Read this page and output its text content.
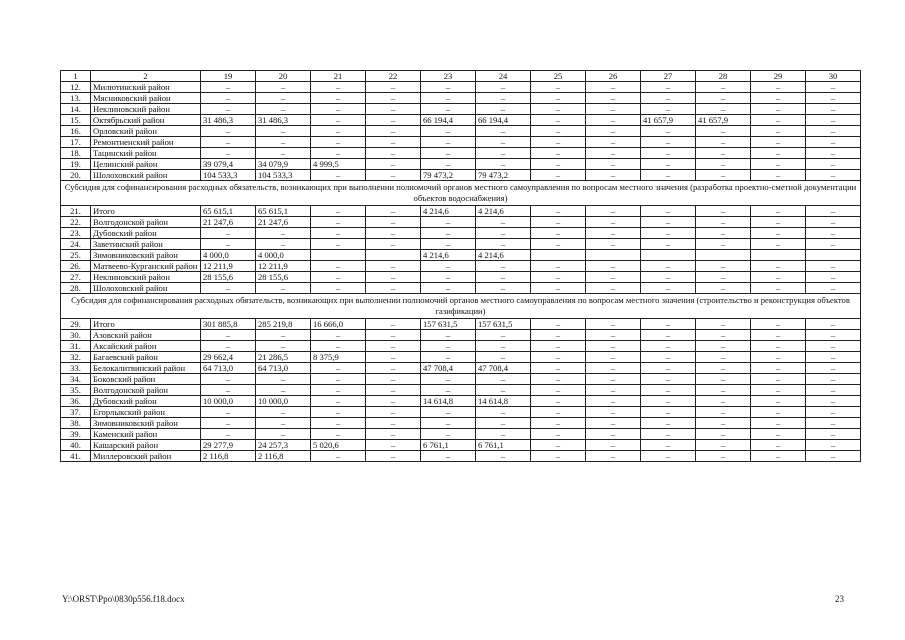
1	2	19	20	21	22	23	24	25	26	27	28	29	30
12.	Милютинский район	–	–	–	–	–	–	–	–	–	–	–	–
13.	Мясниковский район	–	–	–	–	–	–	–	–	–	–	–	–
14.	Неклиновский район	–	–	–	–	–	–	–	–	–	–	–	–
15.	Октябрьский район	31 486,3	31 486,3	–	–	66 194,4	66 194,4	–	–	41 657,9	41 657,9	–	–
16.	Орловский район	–	–	–	–	–	–	–	–	–	–	–	–
17.	Ремонтненский район	–	–	–	–	–	–	–	–	–	–	–	–
18.	Тацинский район	–	–	–	–	–	–	–	–	–	–	–	–
19.	Целинский район	39 079,4	34 079,9	4 999,5	–	–	–	–	–	–	–	–	–
20.	Шолоховский район	104 533,3	104 533,3	–	–	79 473,2	79 473,2	–	–	–	–	–	–
Субсидия для софинансирования расходных обязательств, возникающих при выполнении полномочий органов местного самоуправления по вопросам местного значения (разработка проектно-сметной документации объектов водоснабжения)													
21.	Итого	65 615,1	65 615,1	–	–	4 214,6	4 214,6	–	–	–	–	–	–
22.	Волгодонской район	21 247,6	21 247,6	–	–	–	–	–	–	–	–	–	–
23.	Дубовский район	–	–	–	–	–	–	–	–	–	–	–	–
24.	Заветинский район	–	–	–	–	–	–	–	–	–	–	–	–
25.	Зимовниковский район	4 000,0	4 000,0			4 214,6	4 214,6						
26.	Матвеево-Курганский район	12 211,9	12 211,9	–	–	–	–	–	–	–	–	–	–
27.	Неклиновский район	28 155,6	28 155,6	–	–	–	–	–	–	–	–	–	–
28.	Шолоховский район	–	–	–	–	–	–	–	–	–	–	–	–
Субсидия для софинансирования расходных обязательств, возникающих при выполнении полномочий органов местного самоуправления по вопросам местного значения (строительство и реконструкция объектов газификации)													
29.	Итого	301 885,8	285 219,8	16 666,0	–	157 631,5	157 631,5	–	–	–	–	–	–
30.	Азовский район	–	–	–	–	–	–	–	–	–	–	–	–
31.	Аксайский район	–	–	–	–	–	–	–	–	–	–	–	–
32.	Багаевский район	29 662,4	21 286,5	8 375,9	–	–	–	–	–	–	–	–	–
33.	Белокалитвинский район	64 713,0	64 713,0	–	–	47 708,4	47 708,4	–	–	–	–	–	–
34.	Боковский район	–	–	–	–	–	–	–	–	–	–	–	–
35.	Волгодонской район	–	–	–	–	–	–	–	–	–	–	–	–
36.	Дубовский район	10 000,0	10 000,0	–	–	14 614,8	14 614,8	–	–	–	–	–	–
37.	Егорлыкский район	–	–	–	–	–	–	–	–	–	–	–	–
38.	Зимовниковский район	–	–	–	–	–	–	–	–	–	–	–	–
39.	Каменский район	–	–	–	–	–	–	–	–	–	–	–	–
40.	Кашарский район	29 277,9	24 257,3	5 020,6	–	6 761,1	6 761,1	–	–	–	–	–	–
41.	Миллеровский район	2 116,8	2 116,8	–	–	–	–	–	–	–	–	–	–
Y:\ORST\Ppo\0830p556.f18.docx	23
